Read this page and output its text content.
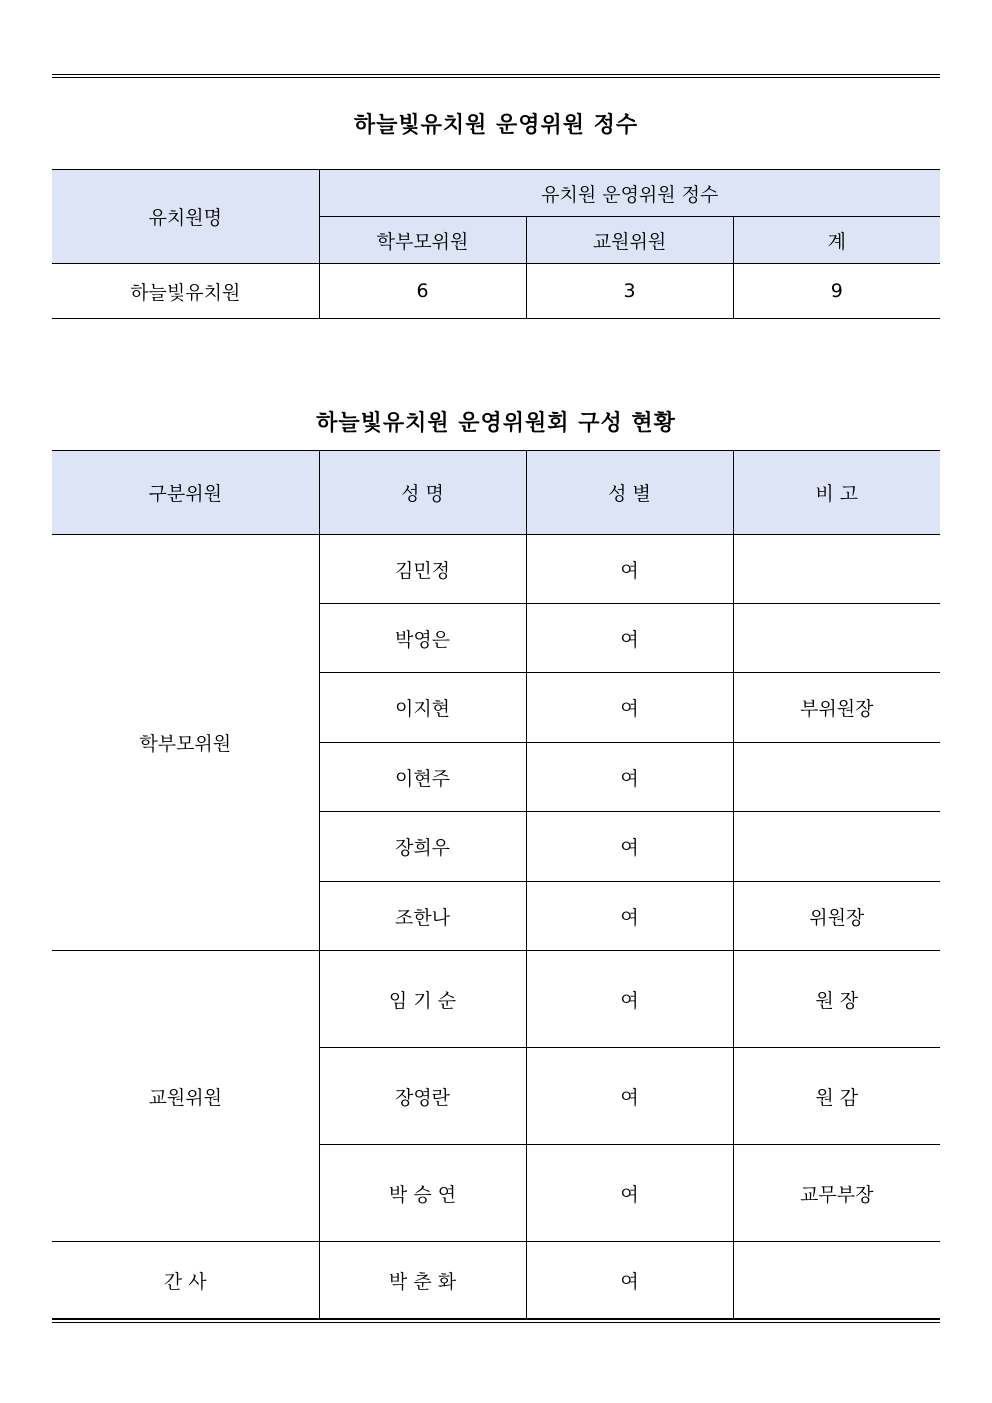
하늘빛유치원 운영위원 정수
유치원명	유치원 운영위원 정수		
	학부모위원	교원위원	계
하늘빛유치원	6	3	9
하늘빛유치원 운영위원회 구성 현황
구분위원	성 명	성 별	비 고
학부모위원	김민정	여	
	박영은	여	
	이지현	여	부위원장
	이현주	여	
	장희우	여	
	조한나	여	위원장
교원위원	임 기 순	여	원 장
	장영란	여	원 감
	박 승 연	여	교무부장
간 사	박 춘 화	여	
